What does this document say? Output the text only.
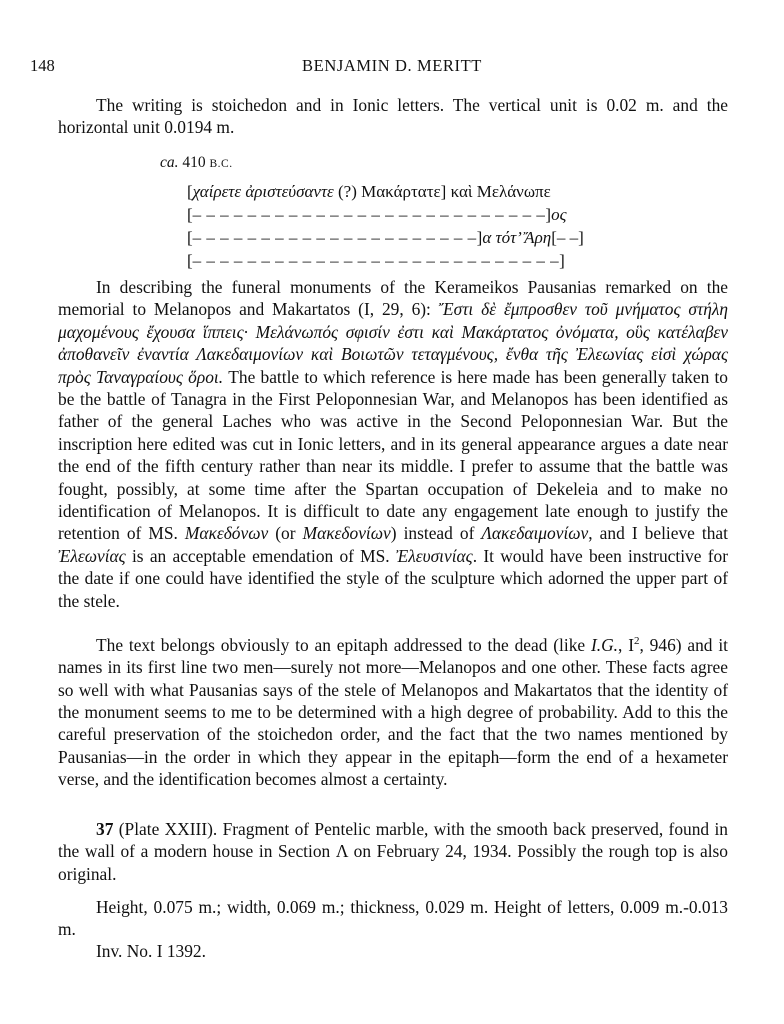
148	BENJAMIN D. MERITT

The writing is stoichedon and in Ionic letters. The vertical unit is 0.02 m. and the horizontal unit 0.0194 m.

ca. 410 B.C.
[χαίρετε ἀριστεύσαντε (?) Μακάρτατε] καὶ Μελάνωπε
[– – – – – – – – – – – – – – – – – – – – – – – – – –]ος
[– – – – – – – – – – – – – – – – – – – – –]α τότ’ Ἄρη[– –]
[– – – – – – – – – – – – – – – – – – – – – – – – – – –]

In describing the funeral monuments of the Kerameikos Pausanias remarked on the memorial to Melanopos and Makartatos (I, 29, 6): Ἔστι δὲ ἔμπροσθεν τοῦ μνήματος στήλη μαχομένους ἔχουσα ἵππεις· Μελάνωπός σφισίν ἐστι καὶ Μακάρτατος ὀνόματα, οὓς κατέλαβεν ἀποθανεῖν ἐναντία Λακεδαιμονίων καὶ Βοιωτῶν τεταγμένους, ἔνθα τῆς Ἐλεωνίας εἰσὶ χώρας πρὸς Ταναγραίους ὅροι. The battle to which reference is here made has been generally taken to be the battle of Tanagra in the First Peloponnesian War, and Melanopos has been identified as father of the general Laches who was active in the Second Peloponnesian War. But the inscription here edited was cut in Ionic letters, and in its general appearance argues a date near the end of the fifth century rather than near its middle. I prefer to assume that the battle was fought, possibly, at some time after the Spartan occupation of Dekeleia and to make no identification of Melanopos. It is difficult to date any engagement late enough to justify the retention of MS. Μακεδόνων (or Μακεδονίων) instead of Λακεδαιμονίων, and I believe that Ἐλεωνίας is an acceptable emendation of MS. Ἐλευσινίας. It would have been instructive for the date if one could have identified the style of the sculpture which adorned the upper part of the stele.

The text belongs obviously to an epitaph addressed to the dead (like I.G., $I^2$, 946) and it names in its first line two men—surely not more—Melanopos and one other. These facts agree so well with what Pausanias says of the stele of Melanopos and Makartatos that the identity of the monument seems to me to be determined with a high degree of probability. Add to this the careful preservation of the stoichedon order, and the fact that the two names mentioned by Pausanias—in the order in which they appear in the epitaph—form the end of a hexameter verse, and the identification becomes almost a certainty.

37 (Plate XXIII). Fragment of Pentelic marble, with the smooth back preserved, found in the wall of a modern house in Section Λ on February 24, 1934. Possibly the rough top is also original.

Height, 0.075 m.; width, 0.069 m.; thickness, 0.029 m. Height of letters, 0.009 m.-0.013 m.

Inv. No. I 1392.
